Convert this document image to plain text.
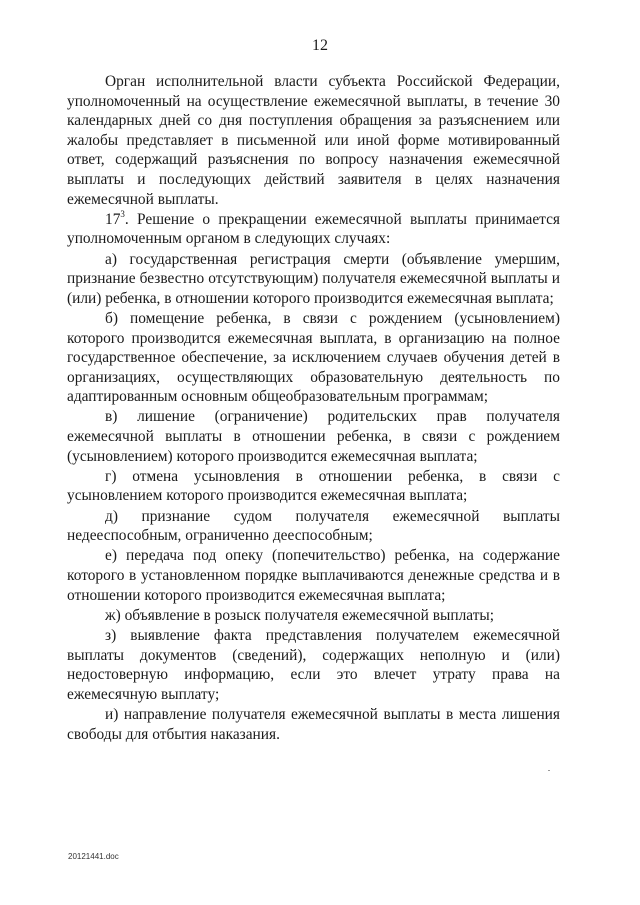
12

Орган исполнительной власти субъекта Российской Федерации, уполномоченный на осуществление ежемесячной выплаты, в течение 30 календарных дней со дня поступления обращения за разъяснением или жалобы представляет в письменной или иной форме мотивированный ответ, содержащий разъяснения по вопросу назначения ежемесячной выплаты и последующих действий заявителя в целях назначения ежемесячной выплаты.

$17^3$. Решение о прекращении ежемесячной выплаты принимается уполномоченным органом в следующих случаях:

а) государственная регистрация смерти (объявление умершим, признание безвестно отсутствующим) получателя ежемесячной выплаты и (или) ребенка, в отношении которого производится ежемесячная выплата;

б) помещение ребенка, в связи с рождением (усыновлением) которого производится ежемесячная выплата, в организацию на полное государственное обеспечение, за исключением случаев обучения детей в организациях, осуществляющих образовательную деятельность по адаптированным основным общеобразовательным программам;

в) лишение (ограничение) родительских прав получателя ежемесячной выплаты в отношении ребенка, в связи с рождением (усыновлением) которого производится ежемесячная выплата;

г) отмена усыновления в отношении ребенка, в связи с усыновлением которого производится ежемесячная выплата;

д) признание судом получателя ежемесячной выплаты недееспособным, ограниченно дееспособным;

е) передача под опеку (попечительство) ребенка, на содержание которого в установленном порядке выплачиваются денежные средства и в отношении которого производится ежемесячная выплата;

ж) объявление в розыск получателя ежемесячной выплаты;

з) выявление факта представления получателем ежемесячной выплаты документов (сведений), содержащих неполную и (или) недостоверную информацию, если это влечет утрату права на ежемесячную выплату;

и) направление получателя ежемесячной выплаты в места лишения свободы для отбытия наказания.

20121441.doc
